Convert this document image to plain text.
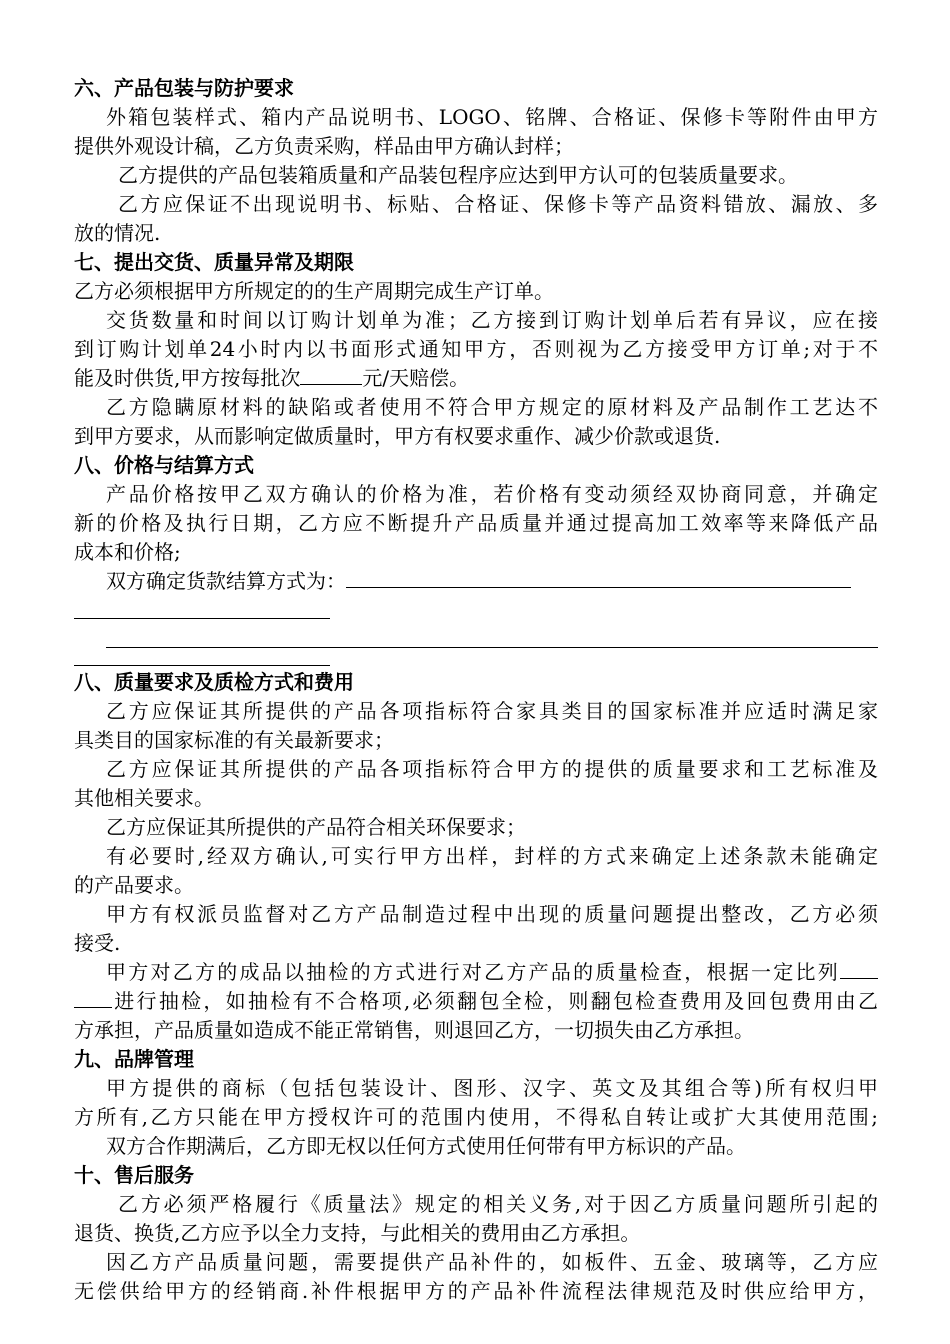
六、产品包装与防护要求
外箱包装样式、箱内产品说明书、LOGO、铭牌、合格证、保修卡等附件由甲方
提供外观设计稿，乙方负责采购，样品由甲方确认封样；
乙方提供的产品包装箱质量和产品装包程序应达到甲方认可的包装质量要求。
乙方应保证不出现说明书、标贴、合格证、保修卡等产品资料错放、漏放、多
放的情况.
七、提出交货、质量异常及期限
乙方必须根据甲方所规定的的生产周期完成生产订单。
交货数量和时间以订购计划单为准；乙方接到订购计划单后若有异议，应在接
到订购计划单24小时内以书面形式通知甲方，否则视为乙方接受甲方订单;对于不
能及时供货,甲方按每批次	元/天赔偿。
乙方隐瞒原材料的缺陷或者使用不符合甲方规定的原材料及产品制作工艺达不
到甲方要求，从而影响定做质量时，甲方有权要求重作、减少价款或退货.
八、价格与结算方式
产品价格按甲乙双方确认的价格为准，若价格有变动须经双协商同意，并确定
新的价格及执行日期，乙方应不断提升产品质量并通过提高加工效率等来降低产品
成本和价格;
双方确定货款结算方式为：
八、质量要求及质检方式和费用
乙方应保证其所提供的产品各项指标符合家具类目的国家标准并应适时满足家
具类目的国家标准的有关最新要求；
乙方应保证其所提供的产品各项指标符合甲方的提供的质量要求和工艺标准及
其他相关要求。
乙方应保证其所提供的产品符合相关环保要求；
有必要时,经双方确认,可实行甲方出样，封样的方式来确定上述条款未能确定
的产品要求。
甲方有权派员监督对乙方产品制造过程中出现的质量问题提出整改，乙方必须
接受.
甲方对乙方的成品以抽检的方式进行对乙方产品的质量检查，根据一定比列
进行抽检，如抽检有不合格项,必须翻包全检，则翻包检查费用及回包费用由乙
方承担，产品质量如造成不能正常销售，则退回乙方，一切损失由乙方承担。
九、品牌管理
甲方提供的商标（包括包装设计、图形、汉字、英文及其组合等)所有权归甲
方所有,乙方只能在甲方授权许可的范围内使用，不得私自转让或扩大其使用范围;
双方合作期满后，乙方即无权以任何方式使用任何带有甲方标识的产品。
十、售后服务
乙方必须严格履行《质量法》规定的相关义务,对于因乙方质量问题所引起的
退货、换货,乙方应予以全力支持，与此相关的费用由乙方承担。
因乙方产品质量问题，需要提供产品补件的，如板件、五金、玻璃等，乙方应
无偿供给甲方的经销商.补件根据甲方的产品补件流程法律规范及时供应给甲方，
